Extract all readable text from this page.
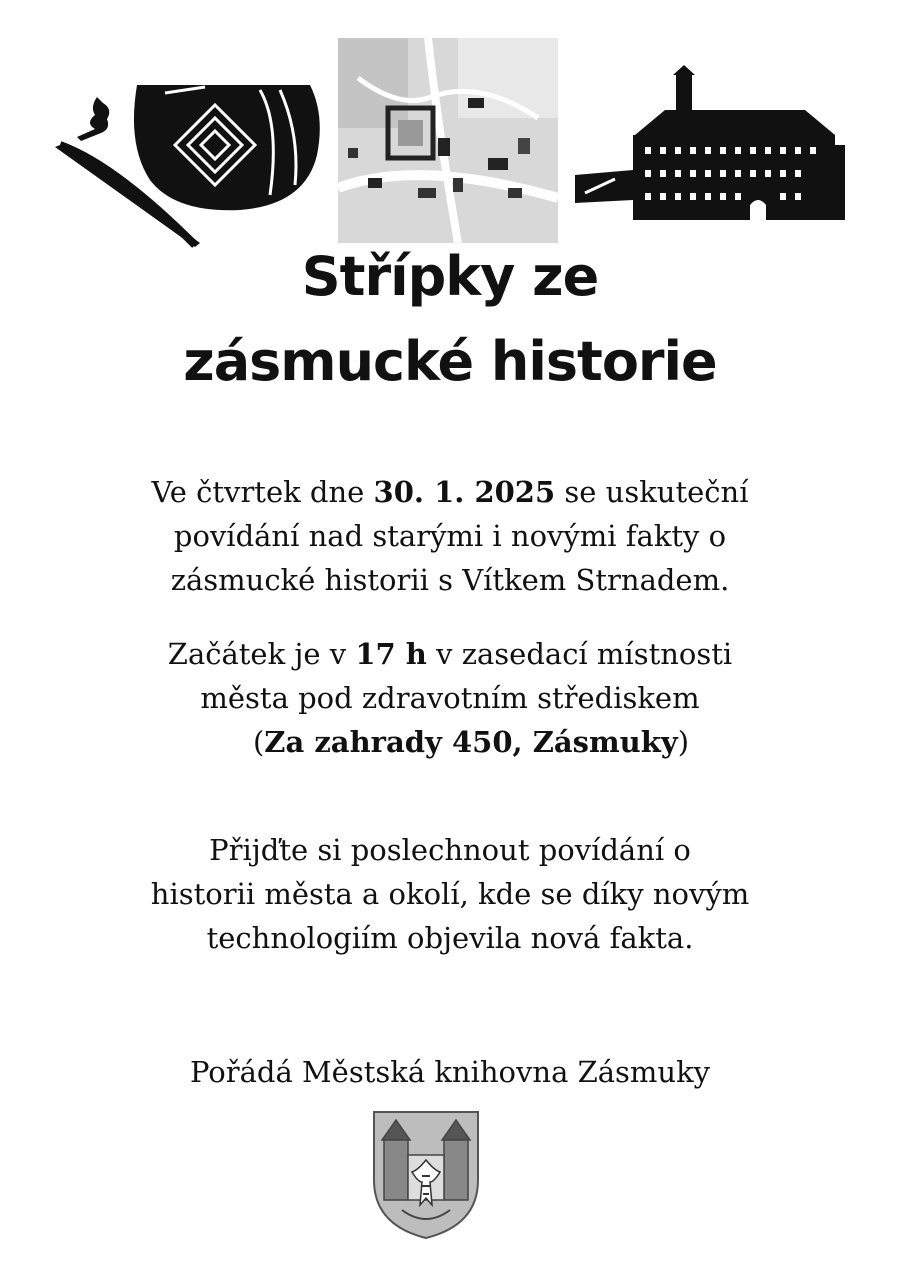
Střípky ze
zásmucké historie

Ve čtvrtek dne 30. 1. 2025 se uskuteční

povídání nad starými i novými fakty o

zásmucké historii s Vítkem Strnadem.

Začátek je v 17 h v zasedací místnosti

města pod zdravotním střediskem

(Za zahrady 450, Zásmuky)

Přijďte si poslechnout povídání o

historii města a okolí, kde se díky novým

technologiím objevila nová fakta.

Pořádá Městská knihovna Zásmuky
